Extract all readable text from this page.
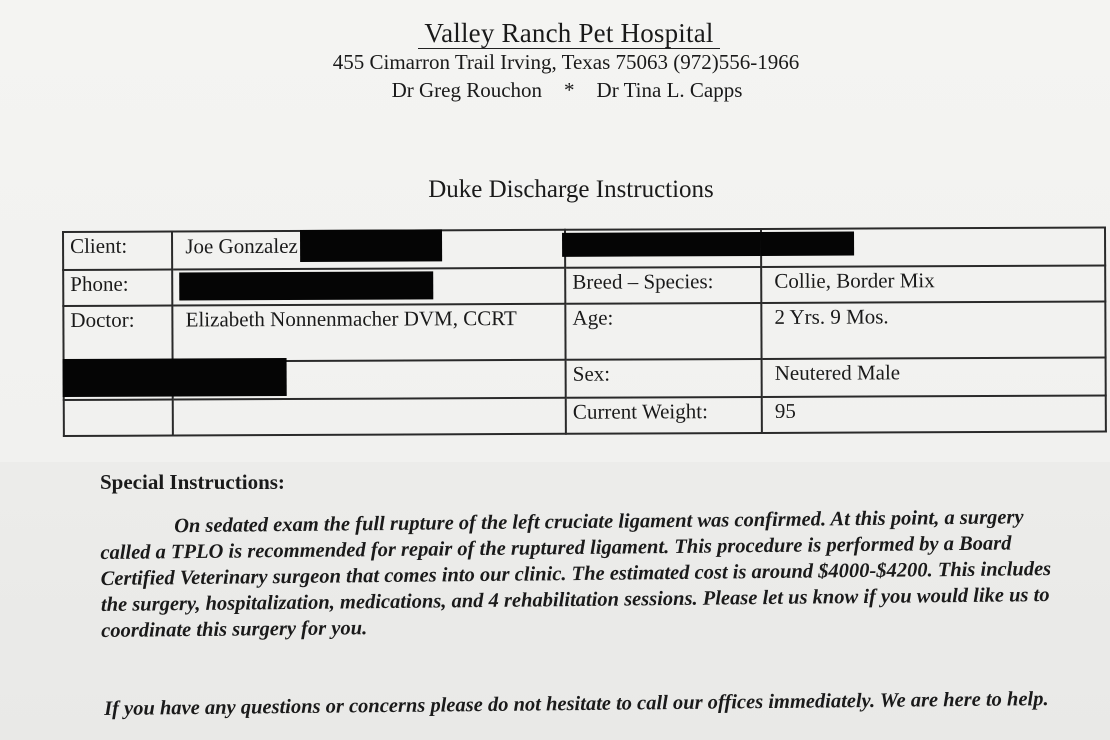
Valley Ranch Pet Hospital
455 Cimarron Trail Irving, Texas 75063 (972)556-1966
Dr Greg Rouchon * Dr Tina L. Capps
Duke Discharge Instructions
Client:	Joe Gonzalez		
Phone:		Breed – Species:	Collie, Border Mix
Doctor:	Elizabeth Nonnenmacher DVM, CCRT	Age:	2 Yrs. 9 Mos.

		Sex:	Neutered Male
		Current Weight:	95
Special Instructions:
On sedated exam the full rupture of the left cruciate ligament was confirmed. At this point, a surgery called a TPLO is recommended for repair of the ruptured ligament. This procedure is performed by a Board Certified Veterinary surgeon that comes into our clinic. The estimated cost is around $4000-$4200. This includes the surgery, hospitalization, medications, and 4 rehabilitation sessions. Please let us know if you would like us to coordinate this surgery for you.
If you have any questions or concerns please do not hesitate to call our offices immediately. We are here to help.
